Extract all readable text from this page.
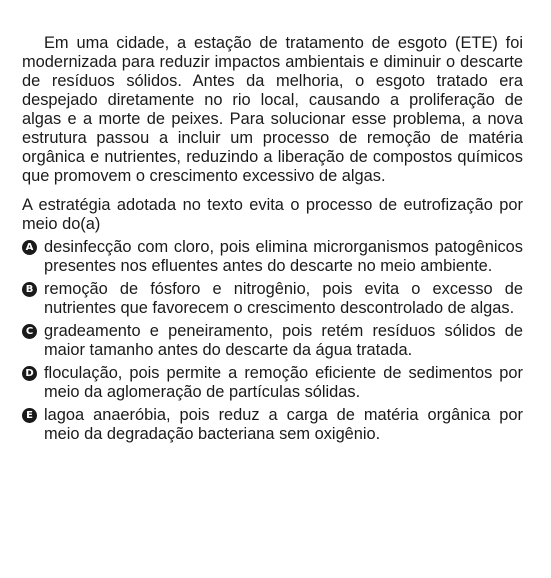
Em uma cidade, a estação de tratamento de esgoto (ETE) foi modernizada para reduzir impactos ambientais e diminuir o descarte de resíduos sólidos. Antes da melhoria, o esgoto tratado era despejado diretamente no rio local, causando a proliferação de algas e a morte de peixes. Para solucionar esse problema, a nova estrutura passou a incluir um processo de remoção de matéria orgânica e nutrientes, reduzindo a liberação de compostos químicos que promovem o crescimento excessivo de algas.

A estratégia adotada no texto evita o processo de eutrofização por meio do(a)

A desinfecção com cloro, pois elimina microrganismos patogênicos presentes nos efluentes antes do descarte no meio ambiente.
B remoção de fósforo e nitrogênio, pois evita o excesso de nutrientes que favorecem o crescimento descontrolado de algas.
C gradeamento e peneiramento, pois retém resíduos sólidos de maior tamanho antes do descarte da água tratada.
D floculação, pois permite a remoção eficiente de sedimentos por meio da aglomeração de partículas sólidas.
E lagoa anaeróbia, pois reduz a carga de matéria orgânica por meio da degradação bacteriana sem oxigênio.
